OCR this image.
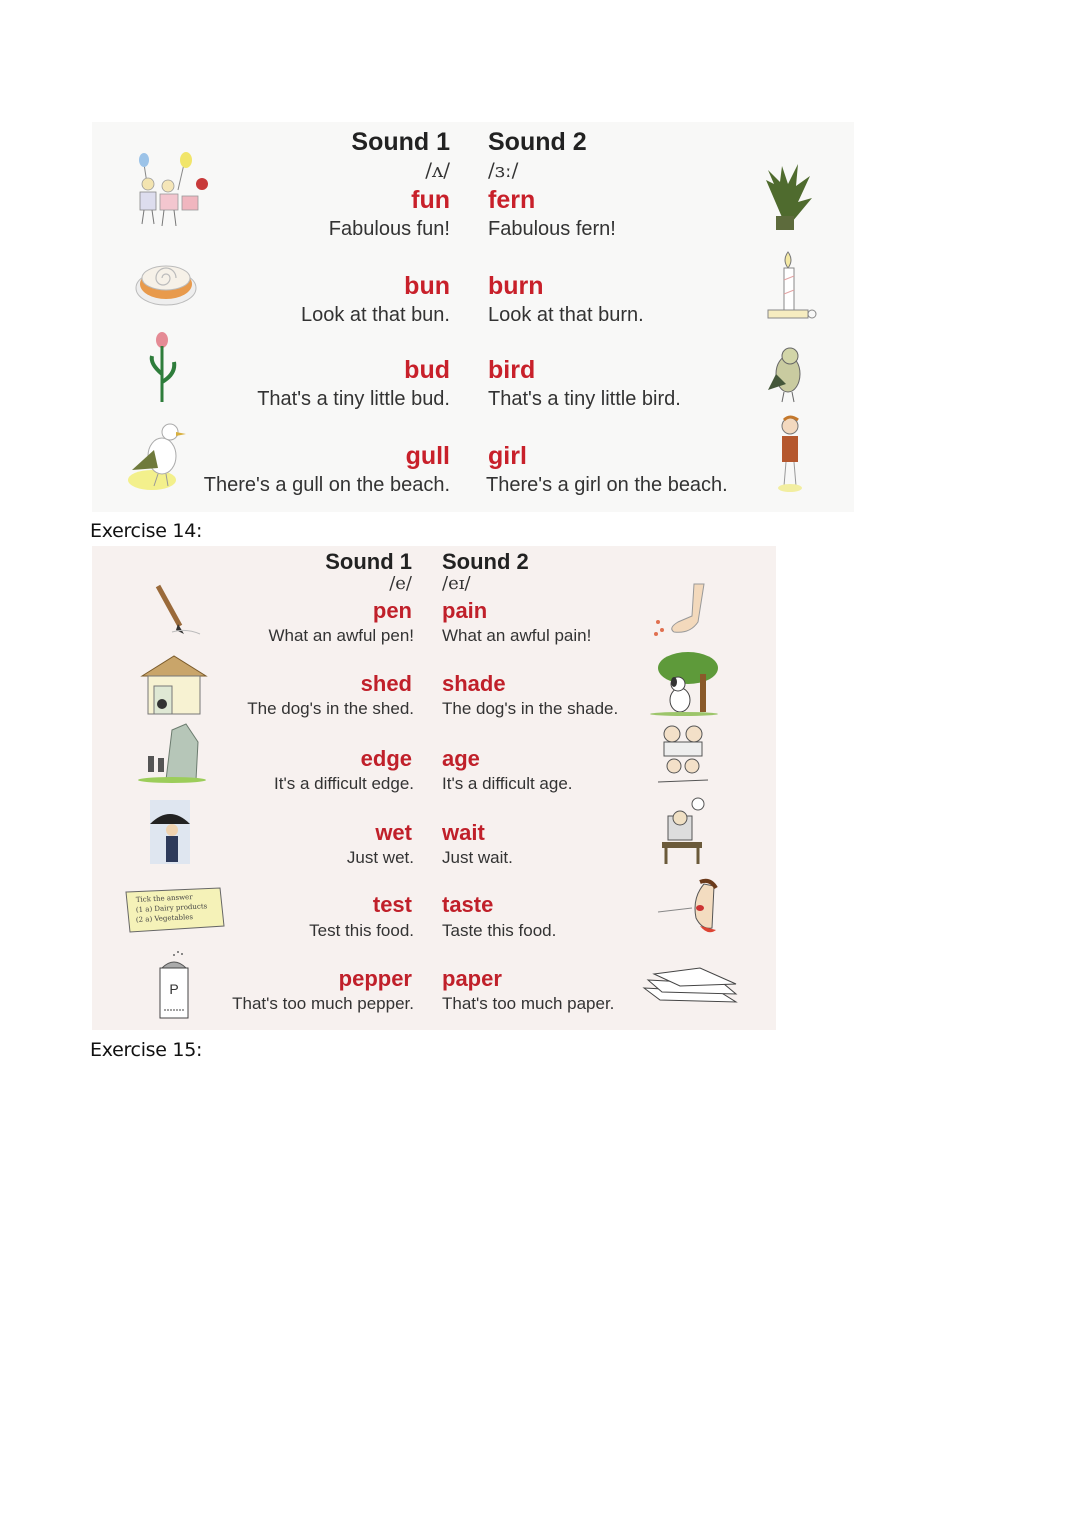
Sound 1 Sound 2
/ʌ/ /ɜː/
fun fern
Fabulous fun! Fabulous fern!
bun burn
Look at that bun. Look at that burn.
bud bird
That's a tiny little bud. That's a tiny little bird.
gull girl
There's a gull on the beach. There's a girl on the beach.
Exercise 14:
Sound 1 Sound 2
/e/ /eɪ/
pen pain
What an awful pen! What an awful pain!
shed shade
The dog's in the shed. The dog's in the shade.
edge age
It's a difficult edge. It's a difficult age.
wet wait
Just wet. Just wait.
test taste
Test this food. Taste this food.
pepper paper
That's too much pepper. That's too much paper.
Tick the answer
(1 a) Dairy products
(2 a) Vegetables
P
Exercise 15:
